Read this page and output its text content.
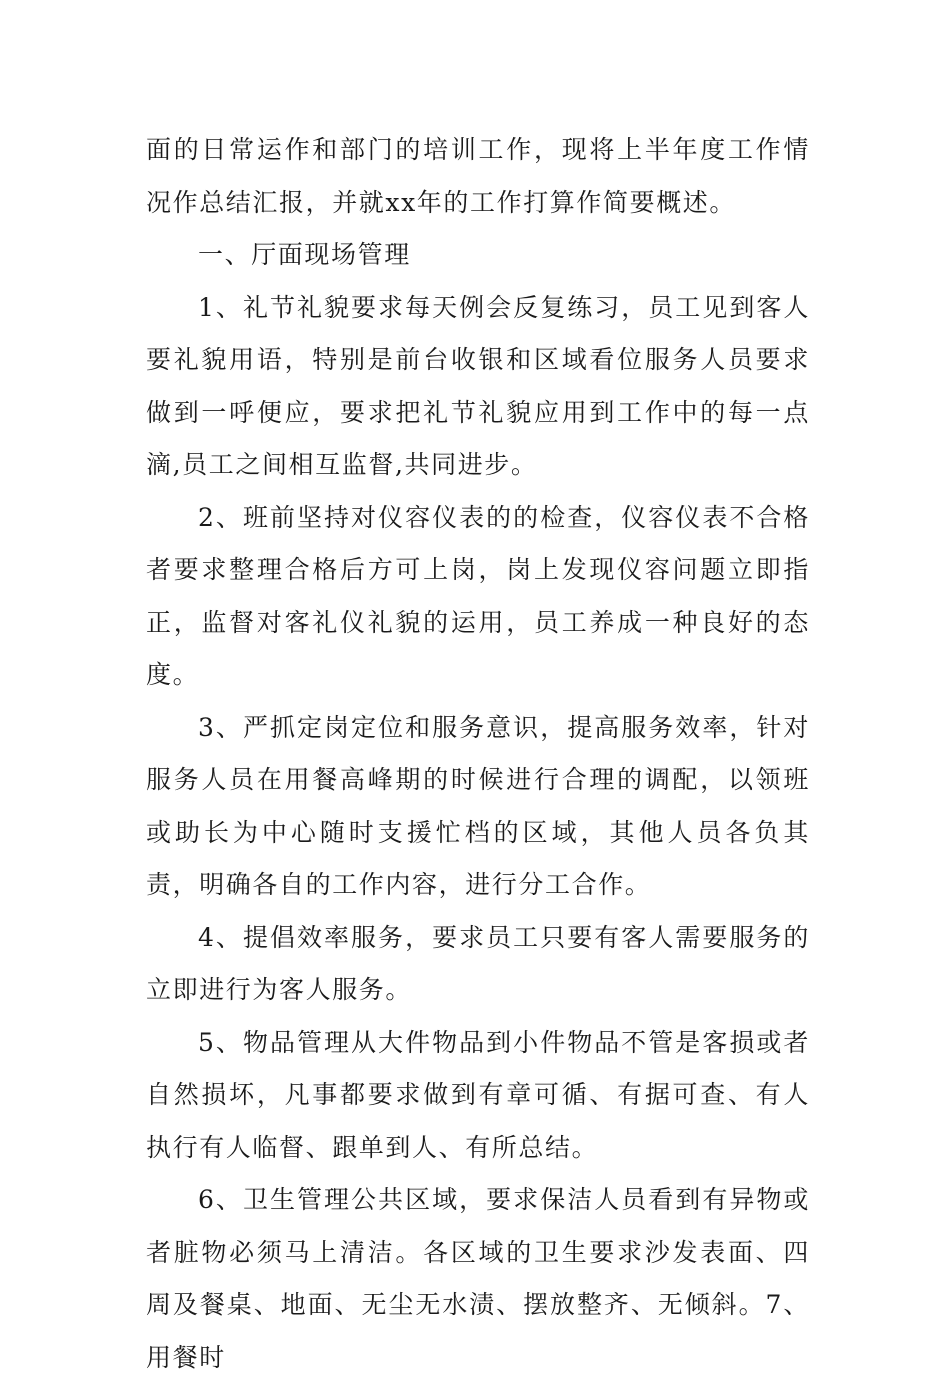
面的日常运作和部门的培训工作，现将上半年度工作情况作总结汇报，并就xx年的工作打算作简要概述。

一、厅面现场管理

1、礼节礼貌要求每天例会反复练习，员工见到客人要礼貌用语，特别是前台收银和区域看位服务人员要求做到一呼便应，要求把礼节礼貌应用到工作中的每一点滴,员工之间相互监督,共同进步。

2、班前坚持对仪容仪表的的检查，仪容仪表不合格者要求整理合格后方可上岗，岗上发现仪容问题立即指正，监督对客礼仪礼貌的运用，员工养成一种良好的态度。

3、严抓定岗定位和服务意识，提高服务效率，针对服务人员在用餐高峰期的时候进行合理的调配，以领班或助长为中心随时支援忙档的区域，其他人员各负其责，明确各自的工作内容，进行分工合作。

4、提倡效率服务，要求员工只要有客人需要服务的立即进行为客人服务。

5、物品管理从大件物品到小件物品不管是客损或者自然损坏，凡事都要求做到有章可循、有据可查、有人执行有人临督、跟单到人、有所总结。

6、卫生管理公共区域，要求保洁人员看到有异物或者脏物必须马上清洁。各区域的卫生要求沙发表面、四周及餐桌、地面、无尘无水渍、摆放整齐、无倾斜。7、用餐时
